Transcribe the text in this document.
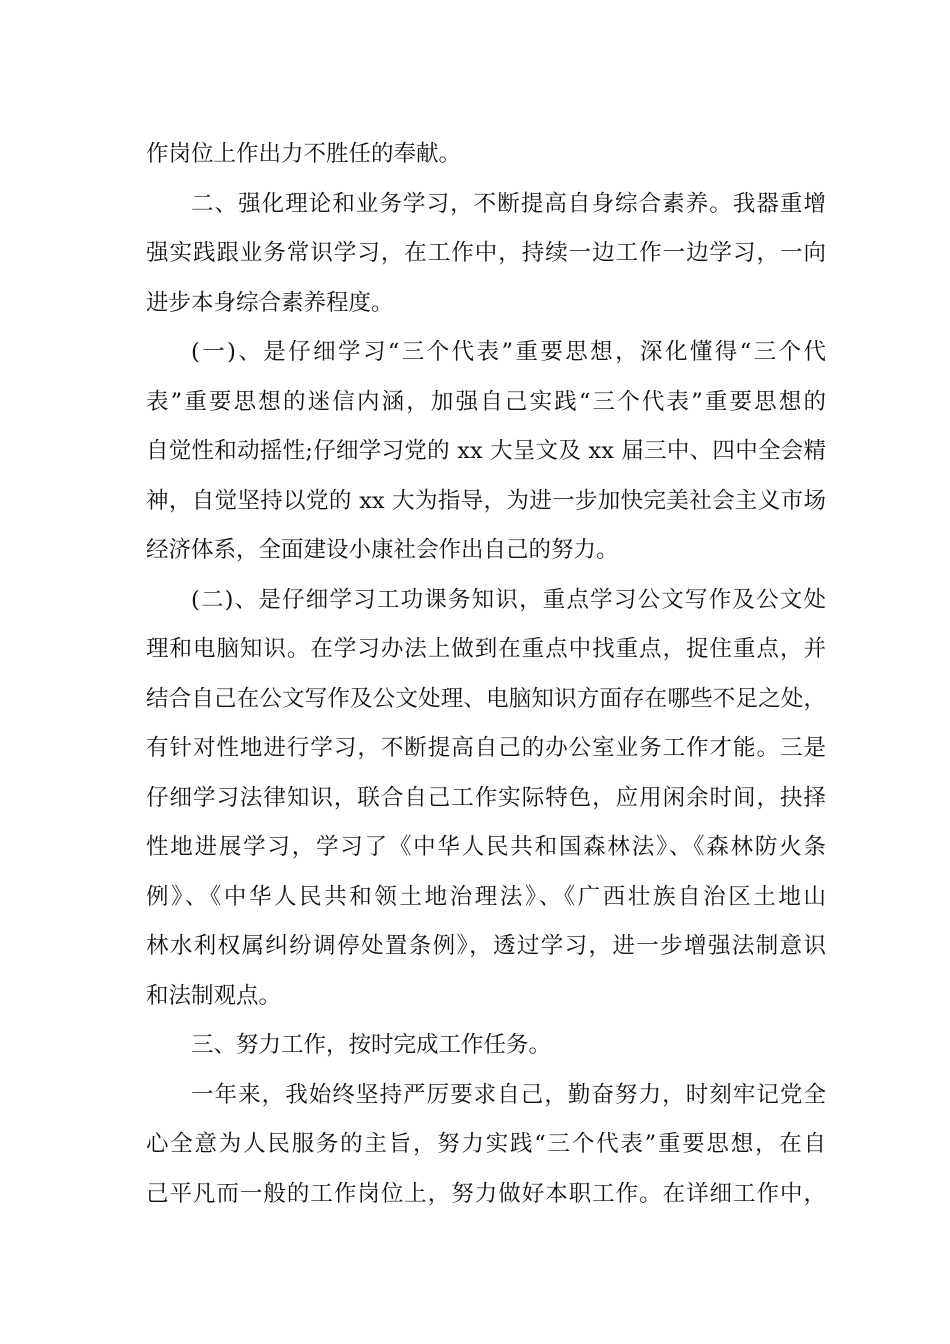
作岗位上作出力不胜任的奉献。
二、强化理论和业务学习，不断提高自身综合素养。我器重增
强实践跟业务常识学习，在工作中，持续一边工作一边学习，一向
进步本身综合素养程度。
(一)、是仔细学习“三个代表”重要思想，深化懂得“三个代
表”重要思想的迷信内涵，加强自己实践“三个代表”重要思想的
自觉性和动摇性;仔细学习党的 xx 大呈文及 xx 届三中、四中全会精
神，自觉坚持以党的 xx 大为指导，为进一步加快完美社会主义市场
经济体系，全面建设小康社会作出自己的努力。
(二)、是仔细学习工功课务知识，重点学习公文写作及公文处
理和电脑知识。在学习办法上做到在重点中找重点，捉住重点，并
结合自己在公文写作及公文处理、电脑知识方面存在哪些不足之处，
有针对性地进行学习，不断提高自己的办公室业务工作才能。三是
仔细学习法律知识，联合自己工作实际特色，应用闲余时间，抉择
性地进展学习，学习了《中华人民共和国森林法》、《森林防火条
例》、《中华人民共和领土地治理法》、《广西壮族自治区土地山
林水利权属纠纷调停处置条例》，透过学习，进一步增强法制意识
和法制观点。
三、努力工作，按时完成工作任务。
一年来，我始终坚持严厉要求自己，勤奋努力，时刻牢记党全
心全意为人民服务的主旨，努力实践“三个代表”重要思想，在自
己平凡而一般的工作岗位上，努力做好本职工作。在详细工作中，
